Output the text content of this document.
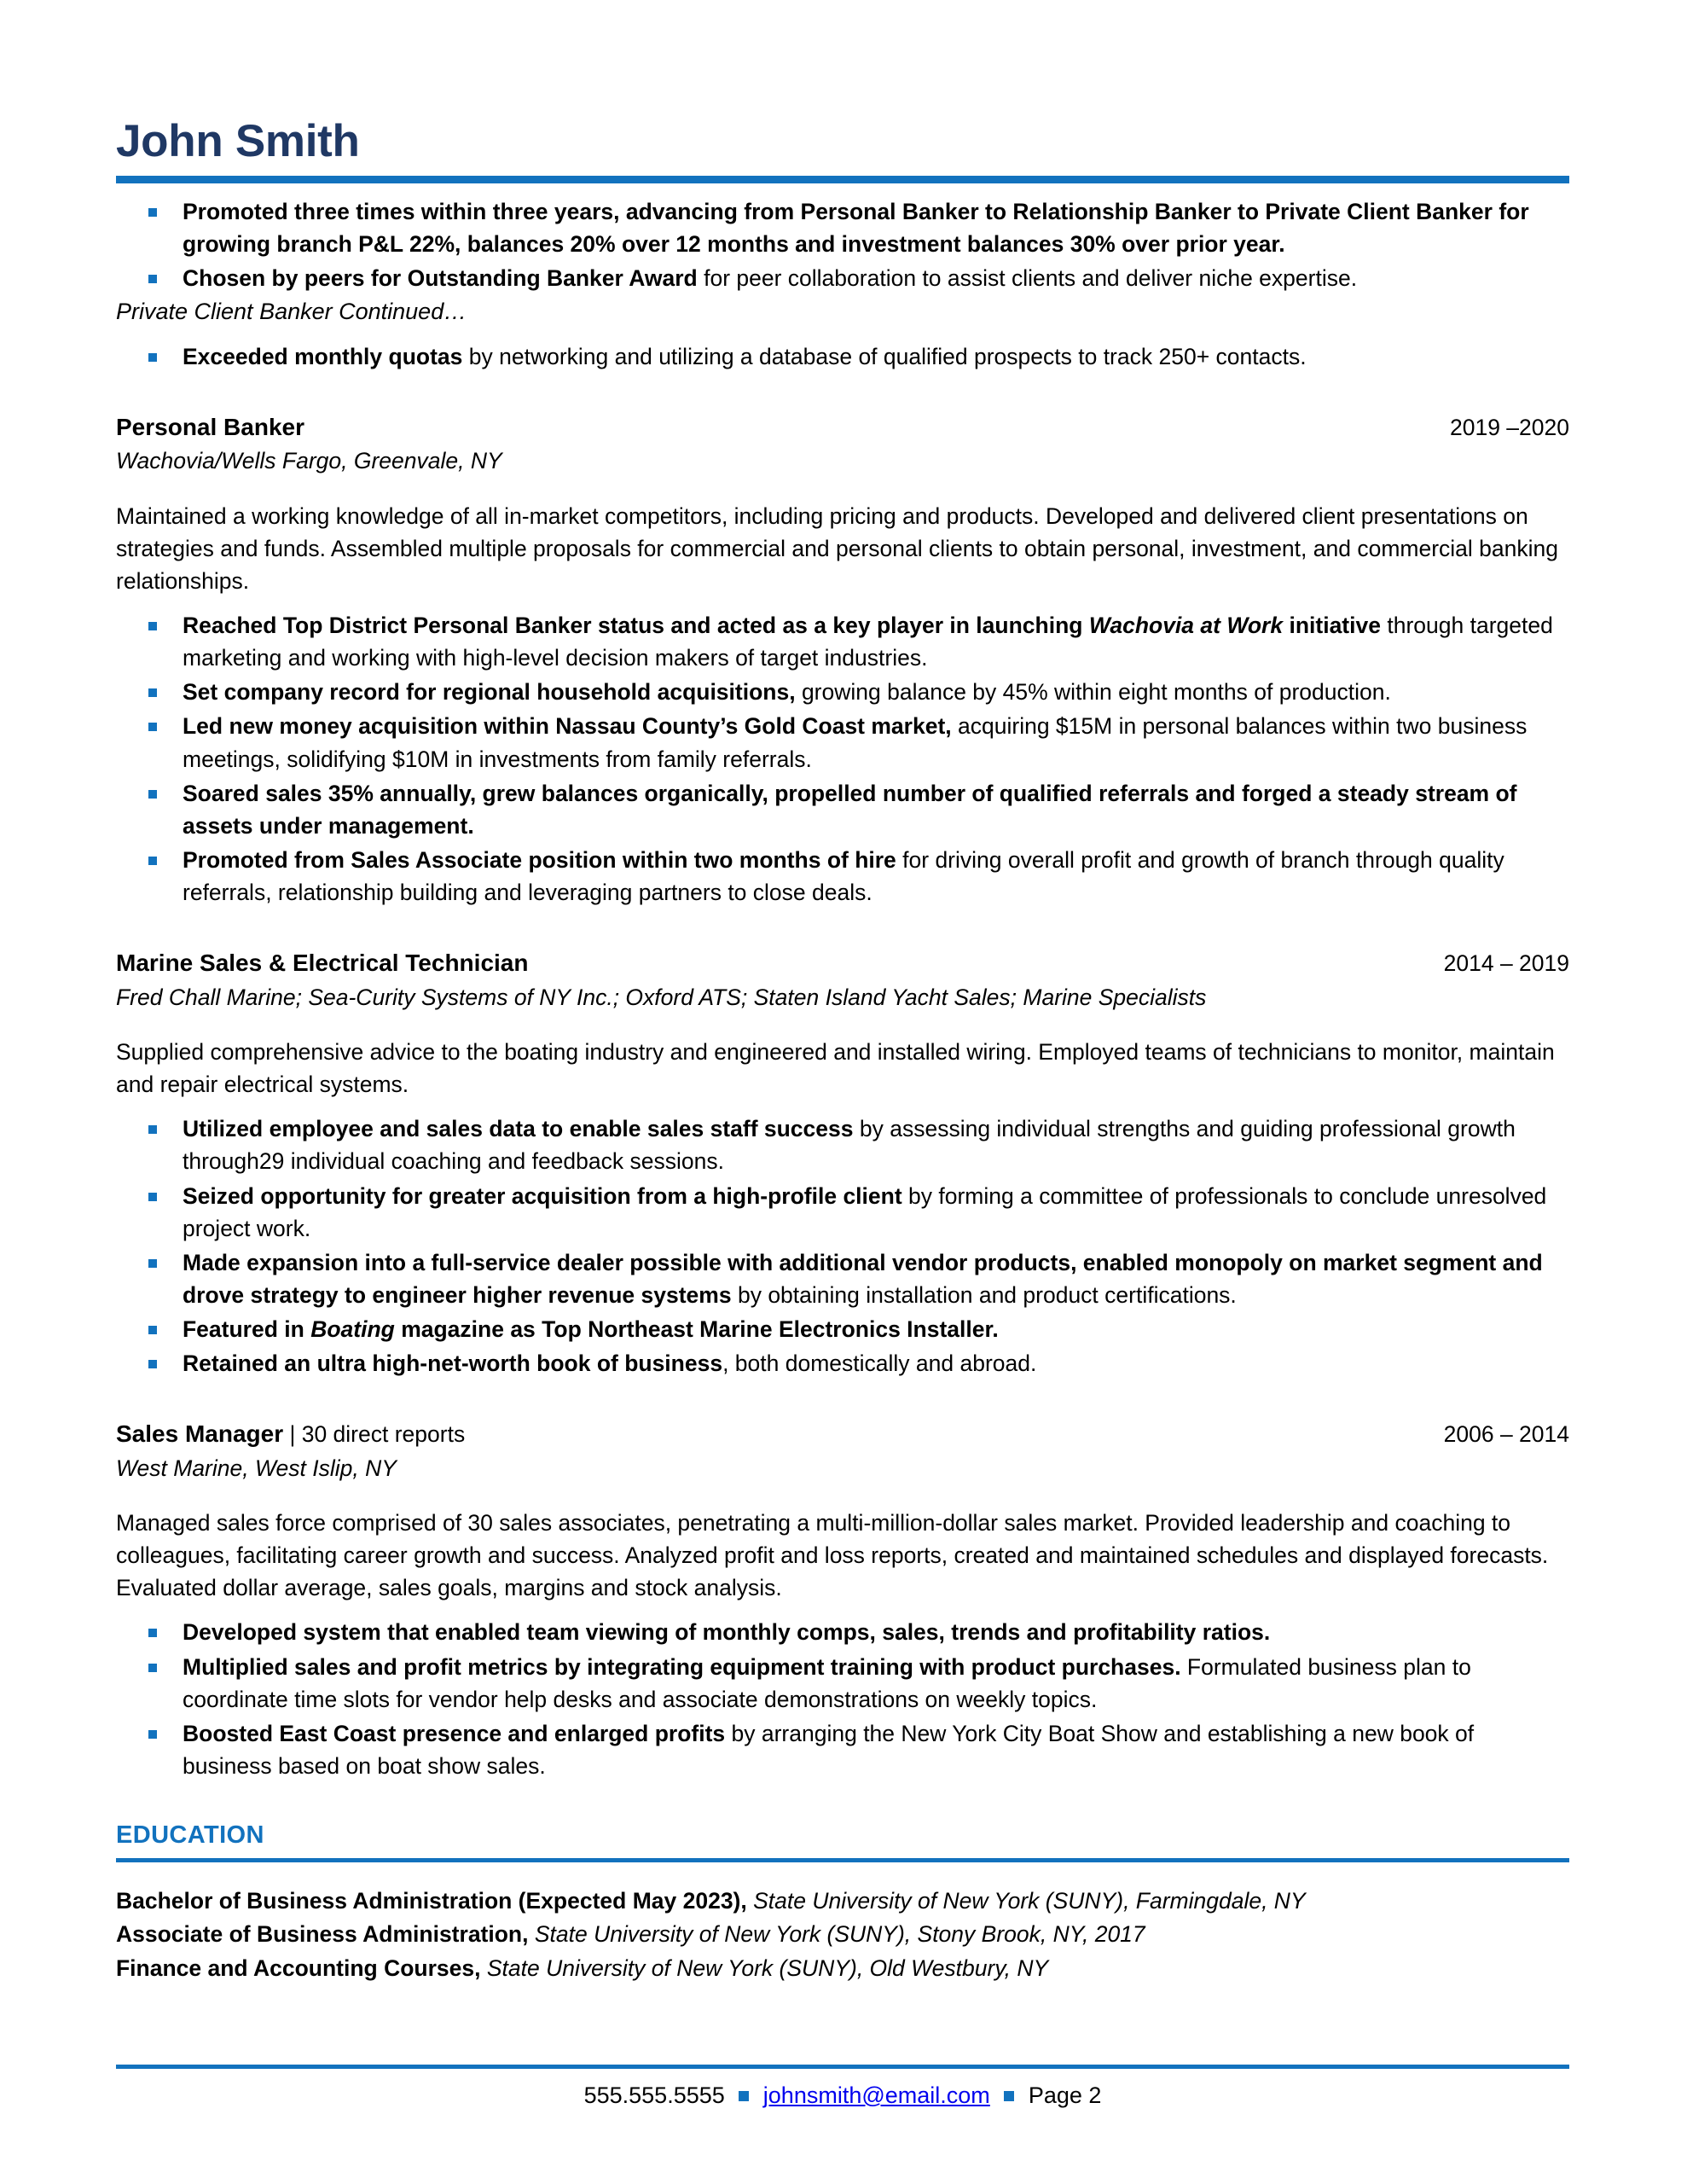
John Smith
Promoted three times within three years, advancing from Personal Banker to Relationship Banker to Private Client Banker for growing branch P&L 22%, balances 20% over 12 months and investment balances 30% over prior year.
Chosen by peers for Outstanding Banker Award for peer collaboration to assist clients and deliver niche expertise.
Private Client Banker Continued…
Exceeded monthly quotas by networking and utilizing a database of qualified prospects to track 250+ contacts.
Personal Banker	2019 –2020
Wachovia/Wells Fargo, Greenvale, NY
Maintained a working knowledge of all in-market competitors, including pricing and products. Developed and delivered client presentations on strategies and funds. Assembled multiple proposals for commercial and personal clients to obtain personal, investment, and commercial banking relationships.
Reached Top District Personal Banker status and acted as a key player in launching Wachovia at Work initiative through targeted marketing and working with high-level decision makers of target industries.
Set company record for regional household acquisitions, growing balance by 45% within eight months of production.
Led new money acquisition within Nassau County’s Gold Coast market, acquiring $15M in personal balances within two business meetings, solidifying $10M in investments from family referrals.
Soared sales 35% annually, grew balances organically, propelled number of qualified referrals and forged a steady stream of assets under management.
Promoted from Sales Associate position within two months of hire for driving overall profit and growth of branch through quality referrals, relationship building and leveraging partners to close deals.
Marine Sales & Electrical Technician	2014 – 2019
Fred Chall Marine; Sea-Curity Systems of NY Inc.; Oxford ATS; Staten Island Yacht Sales; Marine Specialists
Supplied comprehensive advice to the boating industry and engineered and installed wiring. Employed teams of technicians to monitor, maintain and repair electrical systems.
Utilized employee and sales data to enable sales staff success by assessing individual strengths and guiding professional growth through29 individual coaching and feedback sessions.
Seized opportunity for greater acquisition from a high-profile client by forming a committee of professionals to conclude unresolved project work.
Made expansion into a full-service dealer possible with additional vendor products, enabled monopoly on market segment and drove strategy to engineer higher revenue systems by obtaining installation and product certifications.
Featured in Boating magazine as Top Northeast Marine Electronics Installer.
Retained an ultra high-net-worth book of business, both domestically and abroad.
Sales Manager | 30 direct reports	2006 – 2014
West Marine, West Islip, NY
Managed sales force comprised of 30 sales associates, penetrating a multi-million-dollar sales market. Provided leadership and coaching to colleagues, facilitating career growth and success. Analyzed profit and loss reports, created and maintained schedules and displayed forecasts. Evaluated dollar average, sales goals, margins and stock analysis.
Developed system that enabled team viewing of monthly comps, sales, trends and profitability ratios.
Multiplied sales and profit metrics by integrating equipment training with product purchases. Formulated business plan to coordinate time slots for vendor help desks and associate demonstrations on weekly topics.
Boosted East Coast presence and enlarged profits by arranging the New York City Boat Show and establishing a new book of business based on boat show sales.
EDUCATION
Bachelor of Business Administration (Expected May 2023), State University of New York (SUNY), Farmingdale, NY
Associate of Business Administration, State University of New York (SUNY), Stony Brook, NY, 2017
Finance and Accounting Courses, State University of New York (SUNY), Old Westbury, NY
555.555.5555 johnsmith@email.com Page 2
